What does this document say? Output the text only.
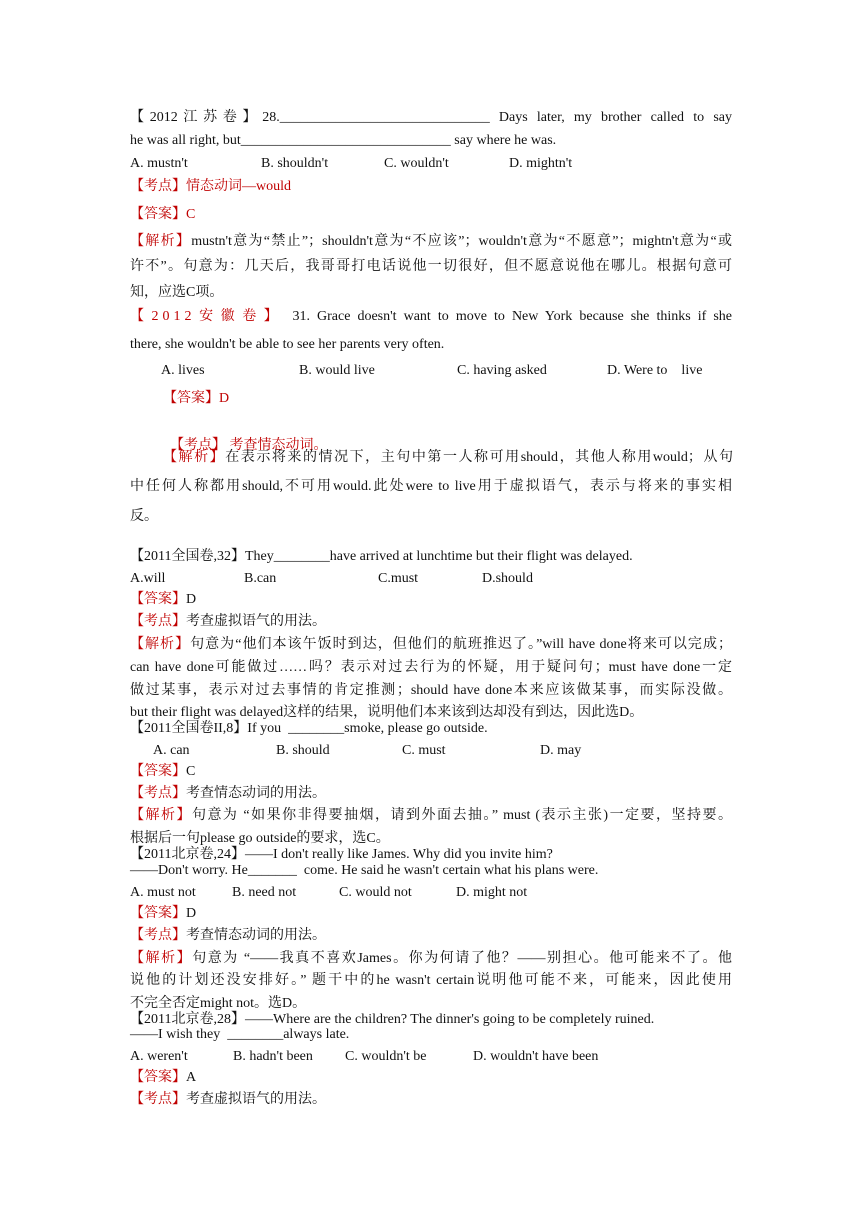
【2012江苏卷】28.______________________________ Days later, my brother called to say
he was all right, but______________________________ say where he was.
A. mustn't	B. shouldn't	C. wouldn't	D. mightn't
【考点】情态动词—would
【答案】C
【解析】mustn't意为“禁止”；shouldn't意为“不应该”；wouldn't意为“不愿意”；mightn't意为“或
许不”。句意为：几天后，我哥哥打电话说他一切很好，但不愿意说他在哪儿。根据句意可
知，应选C项。
【2012安徽卷】 31. Grace doesn't want to move to New York because she thinks if she
there, she wouldn't be able to see her parents very often.
A. lives	B. would live	C. having asked	D. Were to    live
【答案】D

【考点】 考查情态动词。

【解析】在表示将来的情况下，主句中第一人称可用should，其他人称用would；从句
中任何人称都用should,不可用would.此处were to live用于虚拟语气，表示与将来的事实相
反。
【2011全国卷,32】They________have arrived at lunchtime but their flight was delayed.
A.will	B.can	C.must	D.should
【答案】D
【考点】考查虚拟语气的用法。
【解析】句意为“他们本该午饭时到达，但他们的航班推迟了。”will have done将来可以完成；
can have done可能做过……吗？表示对过去行为的怀疑，用于疑问句；must have done一定
做过某事，表示对过去事情的肯定推测；should have done本来应该做某事，而实际没做。
but their flight was delayed这样的结果，说明他们本来该到达却没有到达，因此选D。
【2011全国卷II,8】If you  ________smoke, please go outside.
A. can	B. should	C. must	D. may
【答案】C
【考点】考查情态动词的用法。
【解析】句意为 “如果你非得要抽烟，请到外面去抽。” must (表示主张)一定要，坚持要。
根据后一句please go outside的要求，选C。
【2011北京卷,24】——I don't really like James. Why did you invite him?
——Don't worry. He_______  come. He said he wasn't certain what his plans were.
A. must not	B. need not	C. would not	D. might not
【答案】D
【考点】考查情态动词的用法。
【解析】句意为 “——我真不喜欢James。你为何请了他？——别担心。他可能来不了。他
说他的计划还没安排好。” 题干中的he wasn't certain说明他可能不来，可能来，因此使用
不完全否定might not。选D。
【2011北京卷,28】——Where are the children? The dinner's going to be completely ruined.
——I wish they  ________always late.
A. weren't	B. hadn't been C. wouldn't be	D. wouldn't have been
【答案】A
【考点】考查虚拟语气的用法。
